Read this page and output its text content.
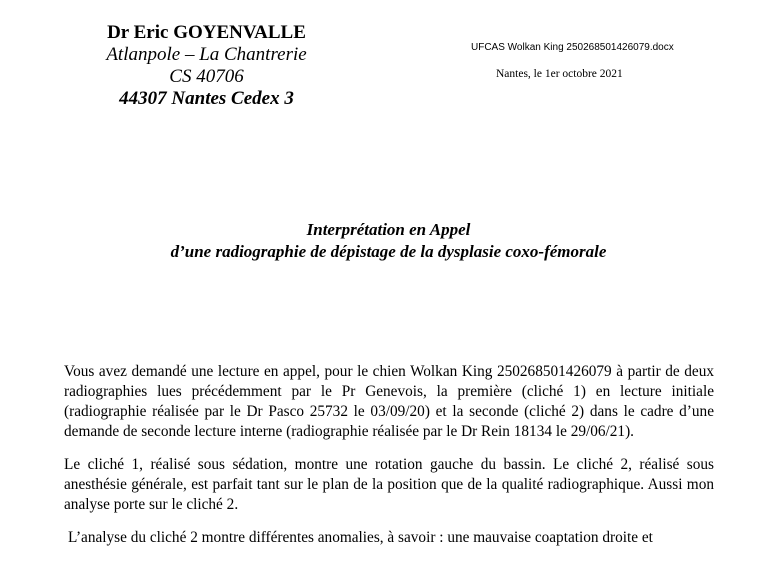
Dr Eric GOYENVALLE
Atlanpole – La Chantrerie
CS 40706
44307 Nantes Cedex 3
UFCAS Wolkan King 250268501426079.docx
Nantes, le 1er octobre 2021
Interprétation en Appel
d’une radiographie de dépistage de la dysplasie coxo-fémorale

Vous avez demandé une lecture en appel, pour le chien Wolkan King 250268501426079 à partir de deux radiographies lues précédemment par le Pr Genevois, la première (cliché 1) en lecture initiale (radiographie réalisée par le Dr Pasco 25732 le 03/09/20) et la seconde (cliché 2) dans le cadre d’une demande de seconde lecture interne (radiographie réalisée par le Dr Rein 18134 le 29/06/21).

Le cliché 1, réalisé sous sédation, montre une rotation gauche du bassin. Le cliché 2, réalisé sous anesthésie générale, est parfait tant sur le plan de la position que de la qualité radiographique. Aussi mon analyse porte sur le cliché 2.

L’analyse du cliché 2 montre différentes anomalies, à savoir : une mauvaise coaptation droite et
